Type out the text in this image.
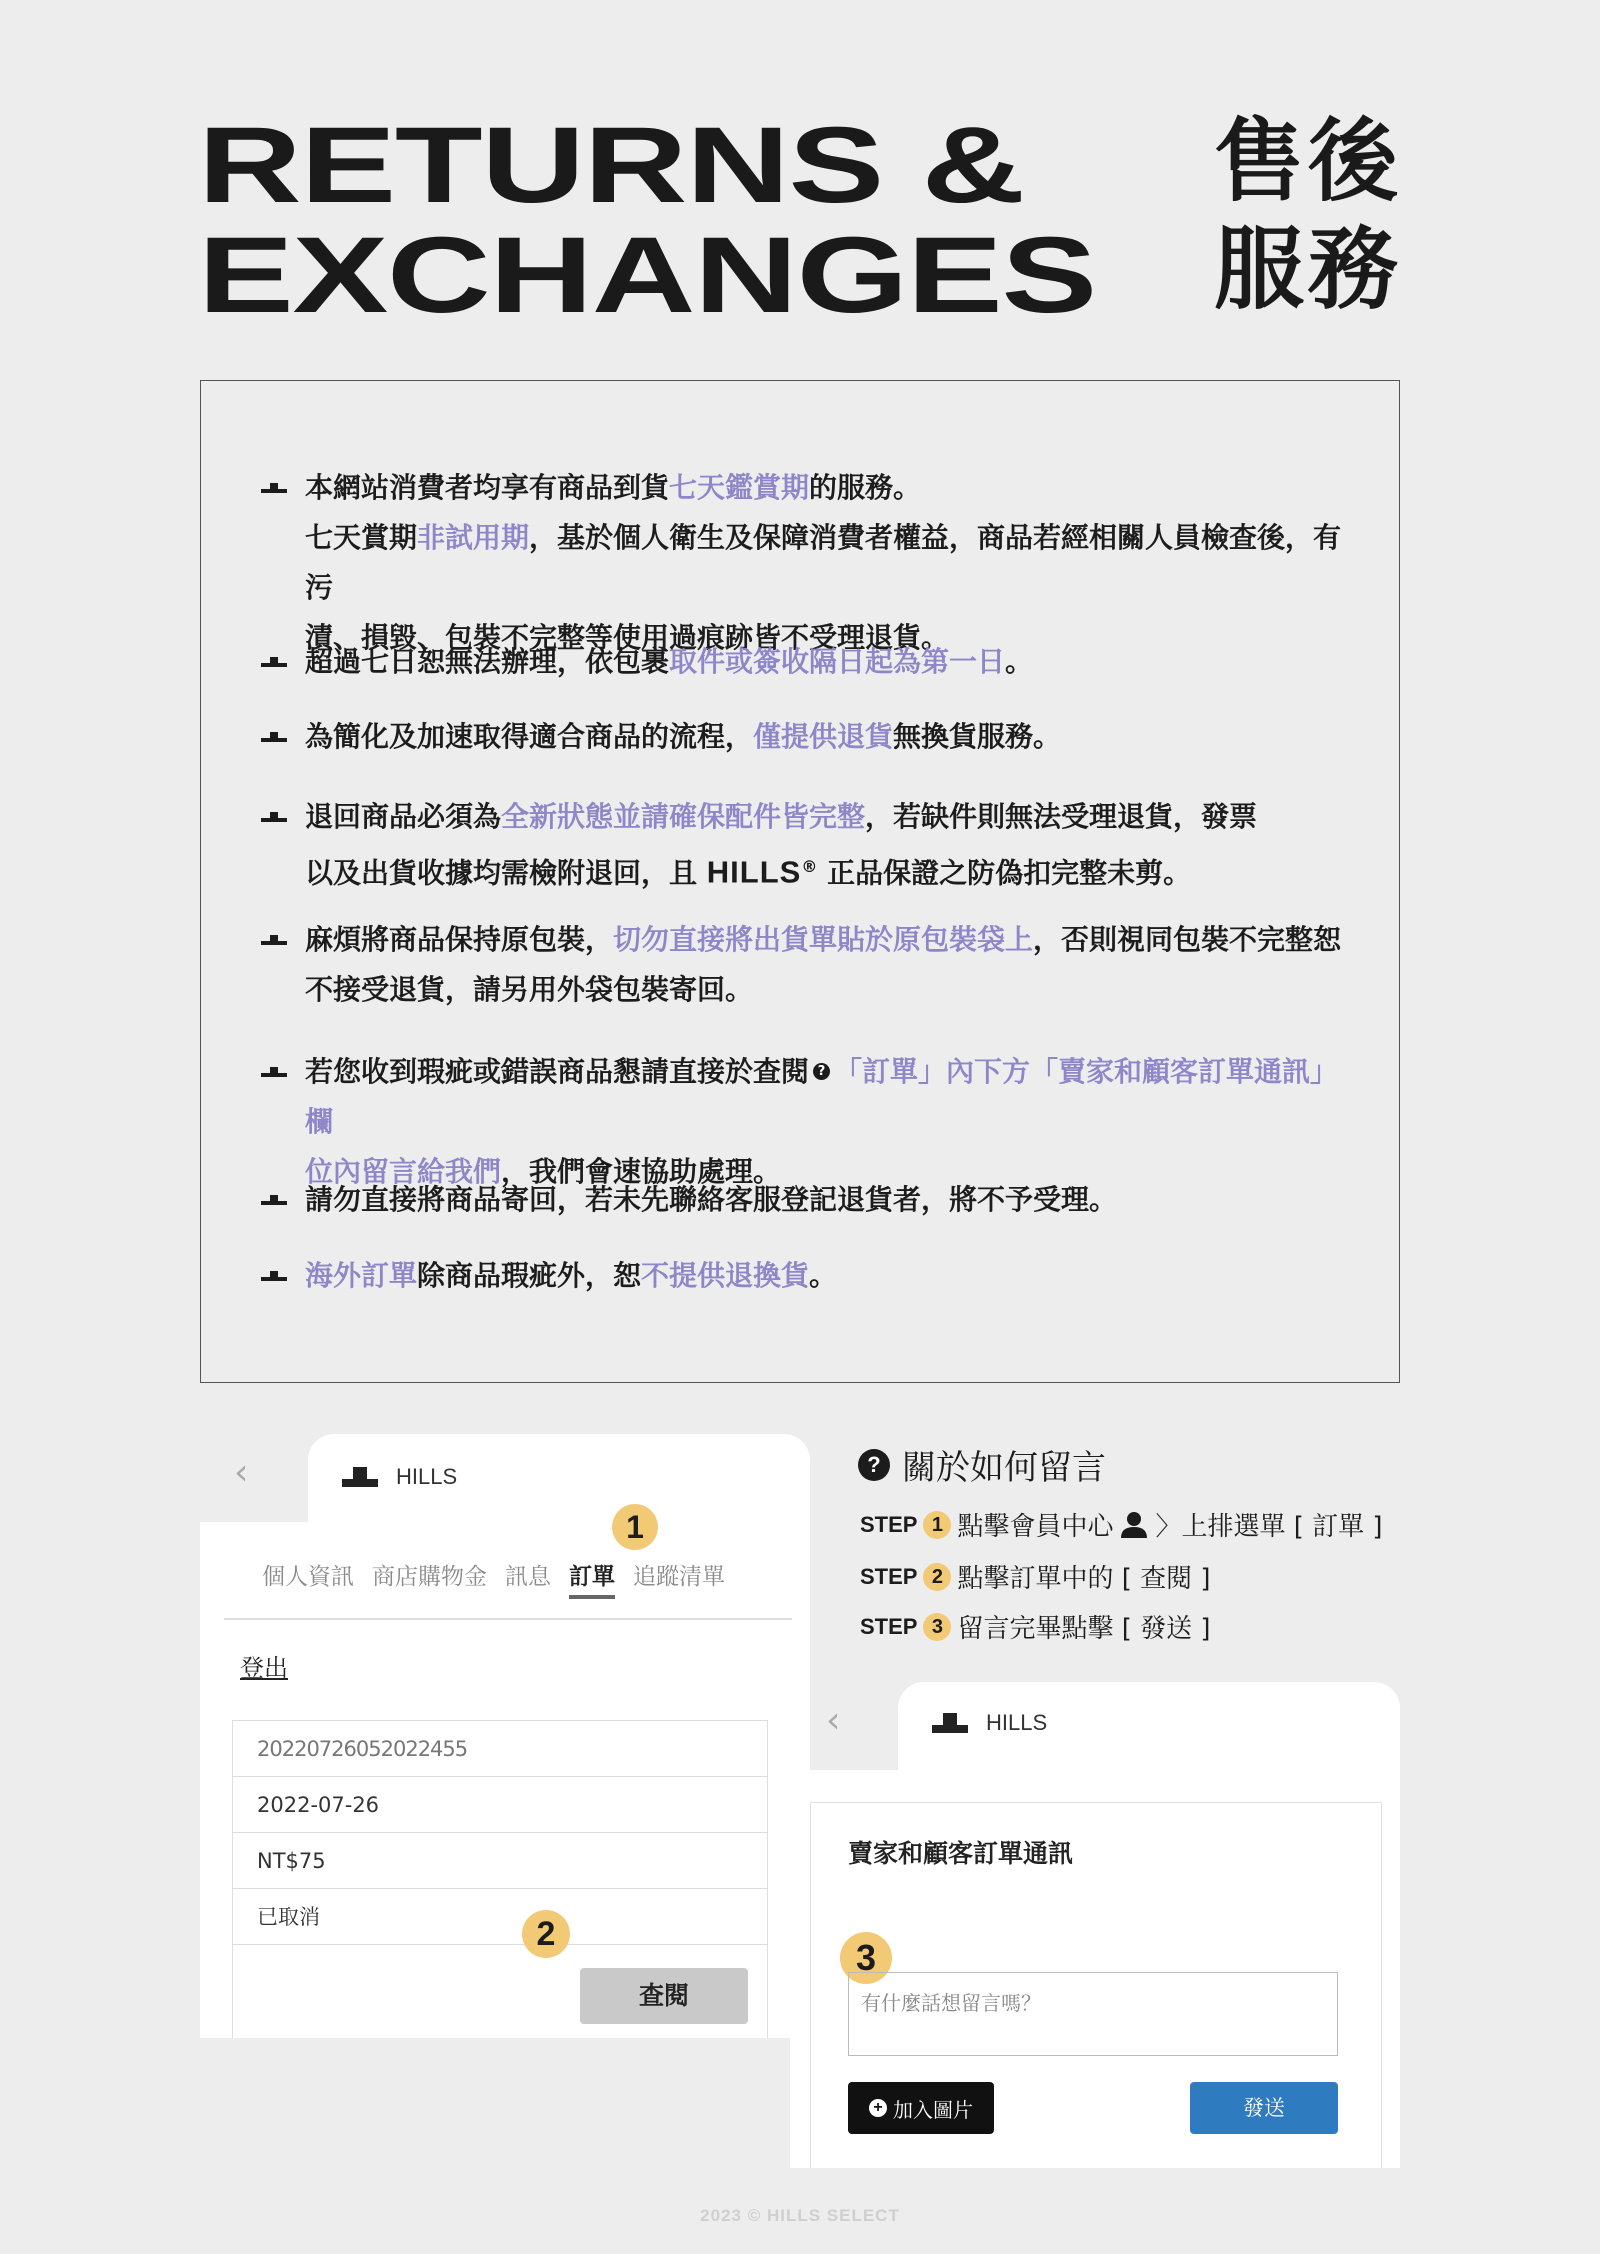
RETURNS &
EXCHANGES
售後
服務
本網站消費者均享有商品到貨七天鑑賞期的服務。
七天賞期非試用期，基於個人衛生及保障消費者權益，商品若經相關人員檢查後，有污
漬、損毀、包裝不完整等使用過痕跡皆不受理退貨。
超過七日恕無法辦理，依包裹取件或簽收隔日起為第一日。
為簡化及加速取得適合商品的流程，僅提供退貨無換貨服務。
退回商品必須為全新狀態並請確保配件皆完整，若缺件則無法受理退貨，發票
以及出貨收據均需檢附退回，且 HILLS® 正品保證之防偽扣完整未剪。
麻煩將商品保持原包裝，切勿直接將出貨單貼於原包裝袋上，否則視同包裝不完整恕
不接受退貨，請另用外袋包裝寄回。
若您收到瑕疵或錯誤商品懇請直接於查閱 ? 「訂單」內下方「賣家和顧客訂單通訊」欄
位內留言給我們，我們會速協助處理。
請勿直接將商品寄回，若未先聯絡客服登記退貨者，將不予受理。
海外訂單除商品瑕疵外，恕不提供退換貨。
‹	HILLS
1
個人資訊 商店購物金 訊息 訂單 追蹤清單
登出
20220726052022455
2022-07-26
NT$75
已取消	2
查閱
? 關於如何留言
STEP 1 點擊會員中心 〉上排選單 [ 訂單 ]
STEP 2 點擊訂單中的 [ 查閱 ]
STEP 3 留言完畢點擊 [ 發送 ]
‹	HILLS
賣家和顧客訂單通訊
3
有什麼話想留言嗎？
+ 加入圖片	發送
2023 © HILLS SELECT
